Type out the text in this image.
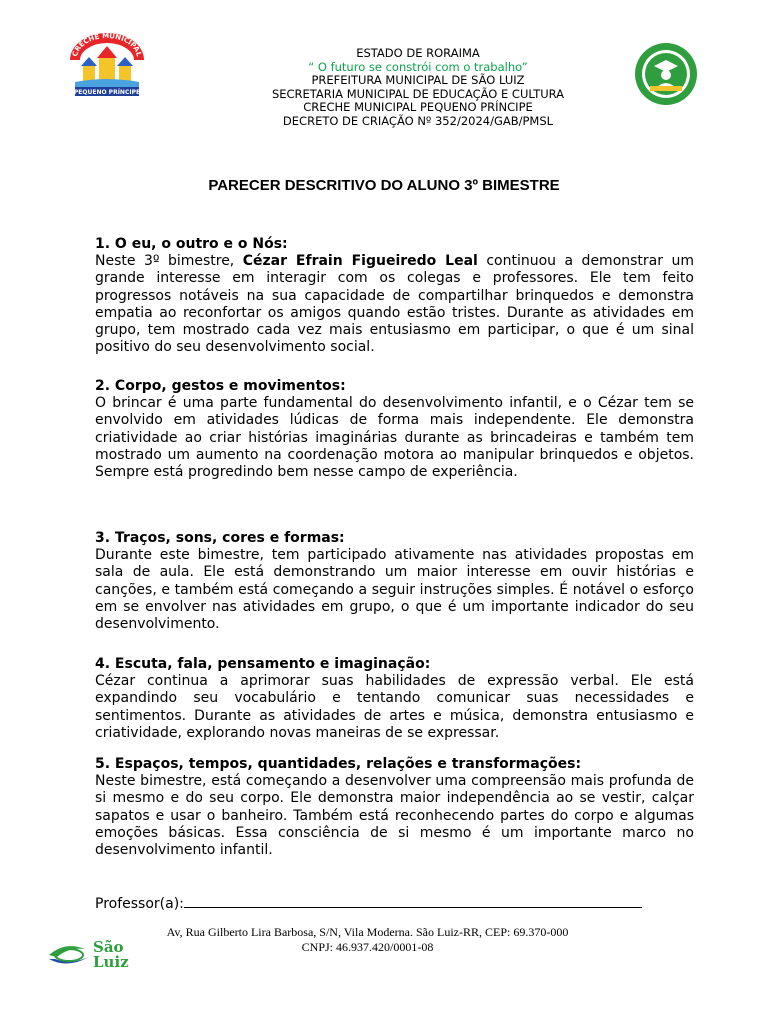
CRECHE MUNICIPAL
PEQUENO PRÍNCIPE
ESTADO DE RORAIMA
“ O futuro se constrói com o trabalho”
PREFEITURA MUNICIPAL DE SÃO LUIZ
SECRETARIA MUNICIPAL DE EDUCAÇÃO E CULTURA
CRECHE MUNICIPAL PEQUENO PRÍNCIPE
DECRETO DE CRIAÇÃO Nº 352/2024/GAB/PMSL
PARECER DESCRITIVO DO ALUNO 3º BIMESTRE
1. O eu, o outro e o Nós:

Neste 3º bimestre, Cézar Efrain Figueiredo Leal continuou a demonstrar um grande interesse em interagir com os colegas e professores. Ele tem feito progressos notáveis na sua capacidade de compartilhar brinquedos e demonstra empatia ao reconfortar os amigos quando estão tristes. Durante as atividades em grupo, tem mostrado cada vez mais entusiasmo em participar, o que é um sinal positivo do seu desenvolvimento social.

2. Corpo, gestos e movimentos:

O brincar é uma parte fundamental do desenvolvimento infantil, e o Cézar tem se envolvido em atividades lúdicas de forma mais independente. Ele demonstra criatividade ao criar histórias imaginárias durante as brincadeiras e também tem mostrado um aumento na coordenação motora ao manipular brinquedos e objetos. Sempre está progredindo bem nesse campo de experiência.

3. Traços, sons, cores e formas:

Durante este bimestre, tem participado ativamente nas atividades propostas em sala de aula. Ele está demonstrando um maior interesse em ouvir histórias e canções, e também está começando a seguir instruções simples. É notável o esforço em se envolver nas atividades em grupo, o que é um importante indicador do seu desenvolvimento.

4. Escuta, fala, pensamento e imaginação:

Cézar continua a aprimorar suas habilidades de expressão verbal. Ele está expandindo seu vocabulário e tentando comunicar suas necessidades e sentimentos. Durante as atividades de artes e música, demonstra entusiasmo e criatividade, explorando novas maneiras de se expressar.

5. Espaços, tempos, quantidades, relações e transformações:

Neste bimestre, está começando a desenvolver uma compreensão mais profunda de si mesmo e do seu corpo. Ele demonstra maior independência ao se vestir, calçar sapatos e usar o banheiro. Também está reconhecendo partes do corpo e algumas emoções básicas. Essa consciência de si mesmo é um importante marco no desenvolvimento infantil.

Professor(a):
São
Luiz
Av, Rua Gilberto Lira Barbosa, S/N, Vila Moderna. São Luiz-RR, CEP: 69.370-000
CNPJ: 46.937.420/0001-08
